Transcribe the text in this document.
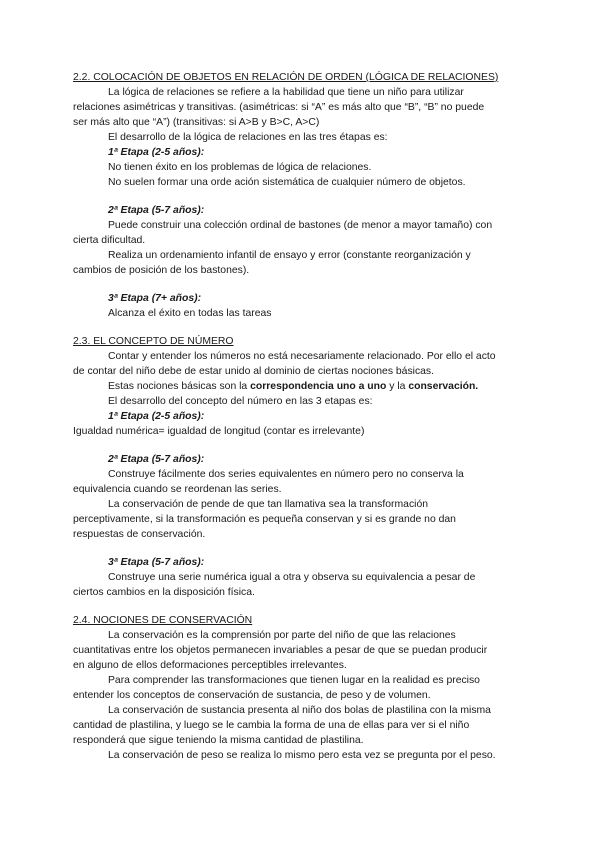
2.2. COLOCACIÓN DE OBJETOS EN RELACIÓN DE ORDEN (LÓGICA DE RELACIONES)
La lógica de relaciones se refiere a la habilidad que tiene un niño para utilizar
relaciones asimétricas y transitivas. (asimétricas: si “A” es más alto que “B”, “B” no puede
ser más alto que “A”) (transitivas: si A>B y B>C, A>C)
El desarrollo de la lógica de relaciones en las tres étapas es:
1ª Etapa (2-5 años):
No tienen éxito en los problemas de lógica de relaciones.
No suelen formar una orde ación sistemática de cualquier número de objetos.
2ª Etapa (5-7 años):
Puede construir una colección ordinal de bastones (de menor a mayor tamaño) con
cierta dificultad.
Realiza un ordenamiento infantil de ensayo y error (constante reorganización y
cambios de posición de los bastones).
3ª Etapa (7+ años):
Alcanza el éxito en todas las tareas
2.3. EL CONCEPTO DE NÚMERO
Contar y entender los números no está necesariamente relacionado. Por ello el acto
de contar del niño debe de estar unido al dominio de ciertas nociones básicas.
Estas nociones básicas son la correspondencia uno a uno y la conservación.
El desarrollo del concepto del número en las 3 etapas es:
1ª Etapa (2-5 años):
Igualdad numérica= igualdad de longitud (contar es irrelevante)
2ª Etapa (5-7 años):
Construye fácilmente dos series equivalentes en número pero no conserva la
equivalencia cuando se reordenan las series.
La conservación de pende de que tan llamativa sea la transformación
perceptivamente, si la transformación es pequeña conservan y si es grande no dan
respuestas de conservación.
3ª Etapa (5-7 años):
Construye una serie numérica igual a otra y observa su equivalencia a pesar de
ciertos cambios en la disposición física.
2.4. NOCIONES DE CONSERVACIÓN
La conservación es la comprensión por parte del niño de que las relaciones
cuantitativas entre los objetos permanecen invariables a pesar de que se puedan producir
en alguno de ellos deformaciones perceptibles irrelevantes.
Para comprender las transformaciones que tienen lugar en la realidad es preciso
entender los conceptos de conservación de sustancia, de peso y de volumen.
La conservación de sustancia presenta al niño dos bolas de plastilina con la misma
cantidad de plastilina, y luego se le cambia la forma de una de ellas para ver si el niño
responderá que sigue teniendo la misma cantidad de plastilina.
La conservación de peso se realiza lo mismo pero esta vez se pregunta por el peso.
